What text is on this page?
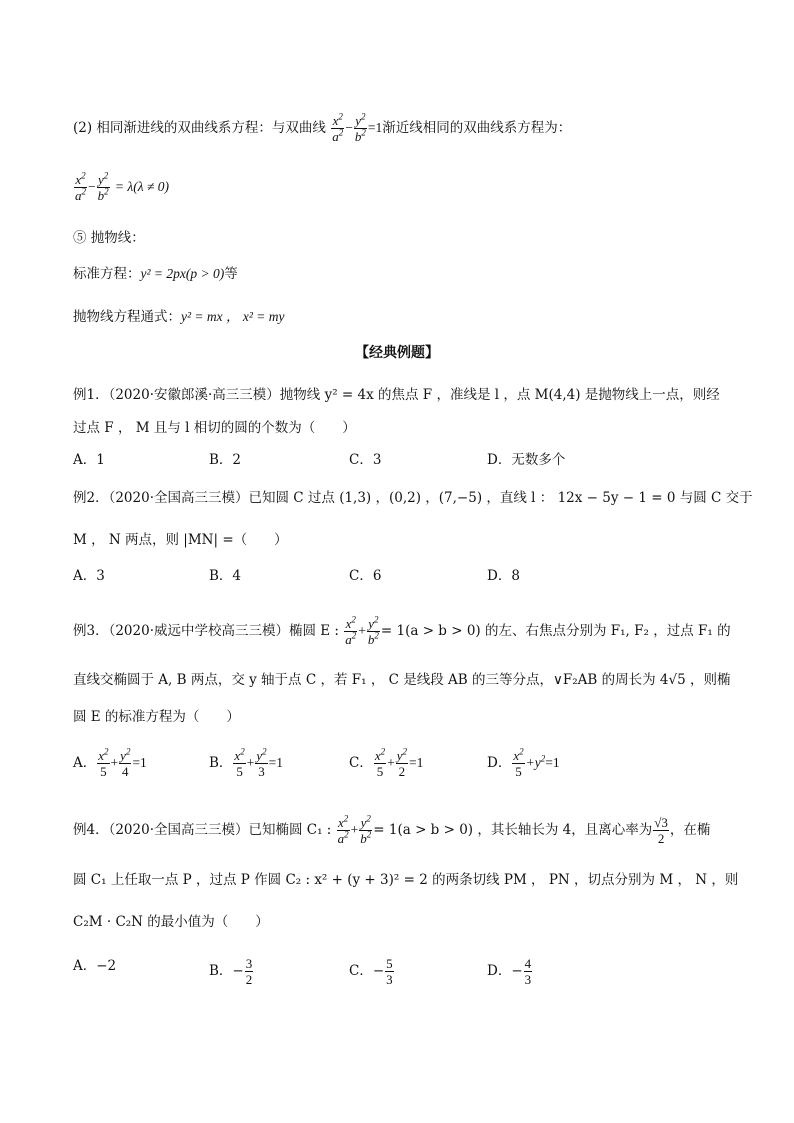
(2) 相同渐进线的双曲线系方程：与双曲线 $\frac{x^2}{a^2} - \frac{y^2}{b^2} =1$渐近线相同的双曲线系方程为：
$\frac{x^2}{a^2} - \frac{y^2}{b^2} = \lambda(\lambda \ne 0)$
⑤ 抛物线：
标准方程：y² = 2px(p > 0)等
抛物线方程通式：y² = mx ， x² = my
【经典例题】
例1．（2020·安徽郎溪·高三三模）抛物线 y² = 4x 的焦点 F ，准线是 l ，点 M(4,4) 是抛物线上一点，则经
过点 F ， M 且与 l 相切的圆的个数为（　　）
A．1	B．2	C．3	D．无数多个
例2．（2020·全国高三三模）已知圆 C 过点 (1,3) ，(0,2) ，(7,−5) ，直线 l ： 12x − 5y − 1 = 0 与圆 C 交于
M ， N 两点，则 |MN| =（　　）
A．3	B．4	C．6	D．8
例3．（2020·威远中学校高三三模）椭圆 E : $\frac{x^2}{a^2} + \frac{y^2}{b^2} = 1(a > b > 0)$ 的左、右焦点分别为 F₁, F₂ ，过点 F₁ 的
直线交椭圆于 A, B 两点，交 y 轴于点 C ，若 F₁ ， C 是线段 AB 的三等分点，∨F₂AB 的周长为 4√5 ，则椭
圆 E 的标准方程为（　　）
A． $\frac{x^2}{5} + \frac{y^2}{4} =1$	B． $\frac{x^2}{5} + \frac{y^2}{3} =1$	C． $\frac{x^2}{5} + \frac{y^2}{2} =1$	D． $\frac{x^2}{5} +y^2=1$
例4．（2020·全国高三三模）已知椭圆 C₁ : $\frac{x^2}{a^2} + \frac{y^2}{b^2} = 1(a > b > 0)$ ，其长轴长为 4，且离心率为 $\frac{√3}{2}$ ，在椭
圆 C₁ 上任取一点 P ，过点 P 作圆 C₂ : x² + (y + 3)² = 2 的两条切线 PM ， PN ，切点分别为 M ， N ，则
C₂M · C₂N 的最小值为（　　）
A．−2	B．− $\frac{3}{2}$	C．− $\frac{5}{3}$	D．− $\frac{4}{3}$
